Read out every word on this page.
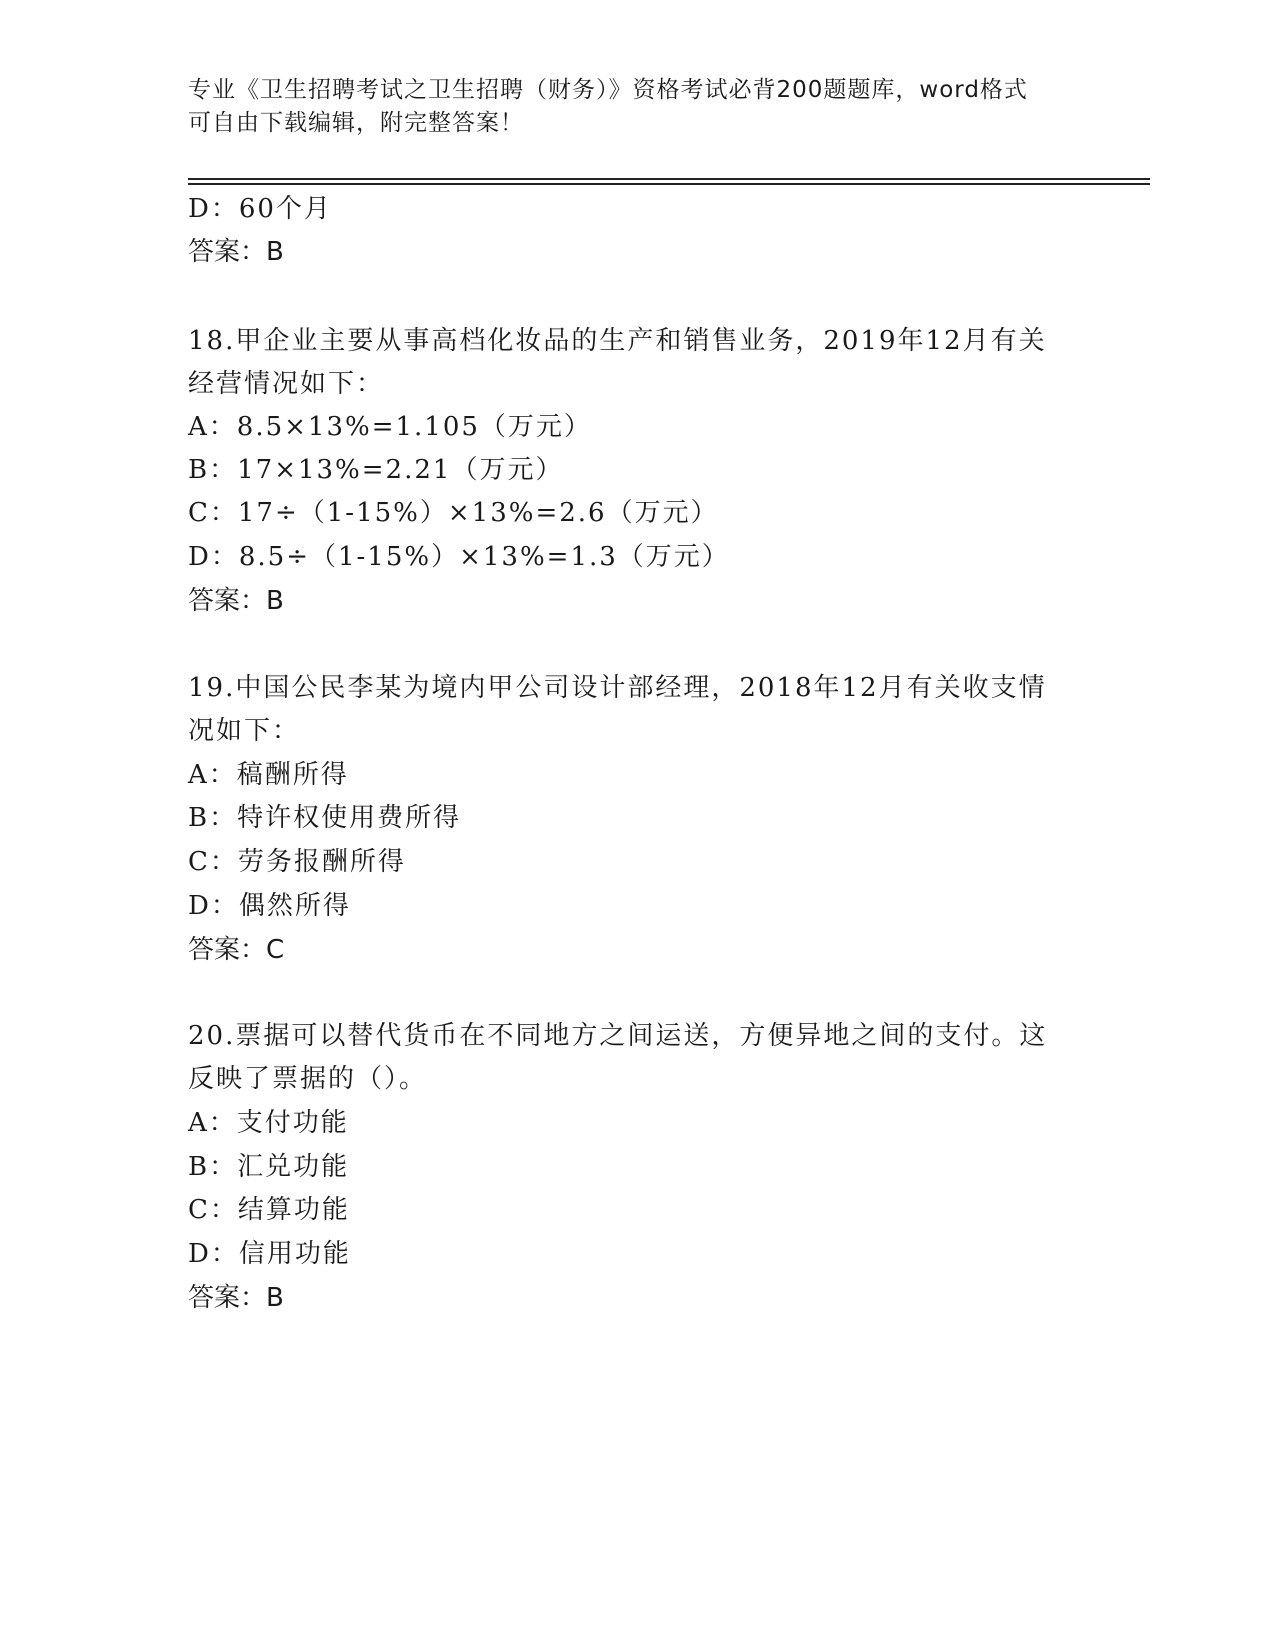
专业《卫生招聘考试之卫生招聘（财务）》资格考试必背200题题库，word格式
可自由下载编辑，附完整答案！
D：60个月
答案：B
18.甲企业主要从事高档化妆品的生产和销售业务，2019年12月有关
经营情况如下：
A：8.5×13%=1.105（万元）
B：17×13%=2.21（万元）
C：17÷（1-15%）×13%=2.6（万元）
D：8.5÷（1-15%）×13%=1.3（万元）
答案：B
19.中国公民李某为境内甲公司设计部经理，2018年12月有关收支情
况如下：
A：稿酬所得
B：特许权使用费所得
C：劳务报酬所得
D：偶然所得
答案：C
20.票据可以替代货币在不同地方之间运送，方便异地之间的支付。这
反映了票据的（）。
A：支付功能
B：汇兑功能
C：结算功能
D：信用功能
答案：B
